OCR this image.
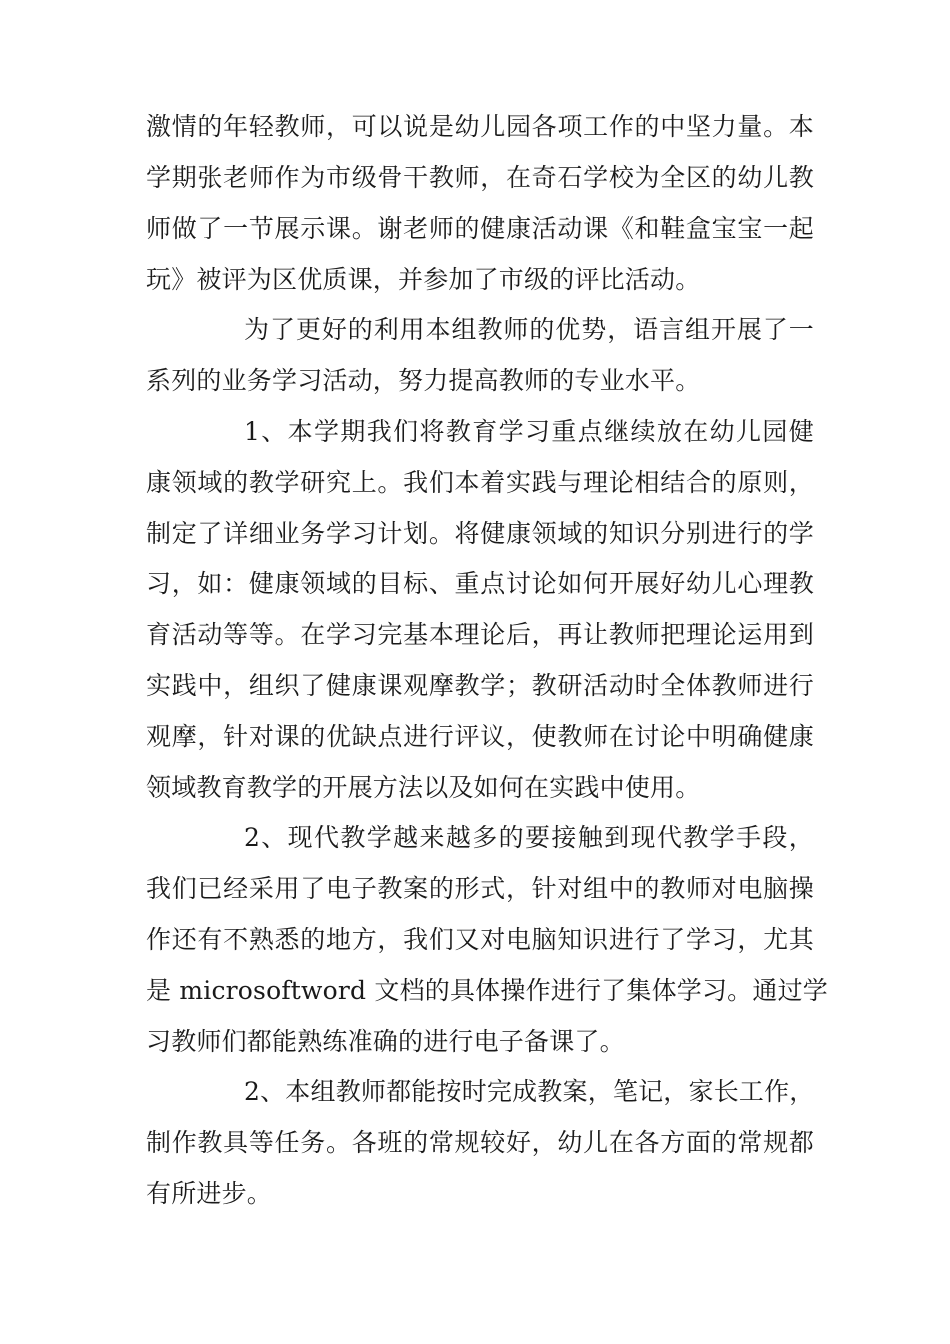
激情的年轻教师，可以说是幼儿园各项工作的中坚力量。本
学期张老师作为市级骨干教师，在奇石学校为全区的幼儿教
师做了一节展示课。谢老师的健康活动课《和鞋盒宝宝一起
玩》被评为区优质课，并参加了市级的评比活动。
为了更好的利用本组教师的优势，语言组开展了一
系列的业务学习活动，努力提高教师的专业水平。
1、本学期我们将教育学习重点继续放在幼儿园健
康领域的教学研究上。我们本着实践与理论相结合的原则，
制定了详细业务学习计划。将健康领域的知识分别进行的学
习，如：健康领域的目标、重点讨论如何开展好幼儿心理教
育活动等等。在学习完基本理论后，再让教师把理论运用到
实践中，组织了健康课观摩教学；教研活动时全体教师进行
观摩，针对课的优缺点进行评议，使教师在讨论中明确健康
领域教育教学的开展方法以及如何在实践中使用。
2、现代教学越来越多的要接触到现代教学手段，
我们已经采用了电子教案的形式，针对组中的教师对电脑操
作还有不熟悉的地方，我们又对电脑知识进行了学习，尤其
是 microsoftword 文档的具体操作进行了集体学习。通过学
习教师们都能熟练准确的进行电子备课了。
2、本组教师都能按时完成教案，笔记，家长工作，
制作教具等任务。各班的常规较好，幼儿在各方面的常规都
有所进步。
